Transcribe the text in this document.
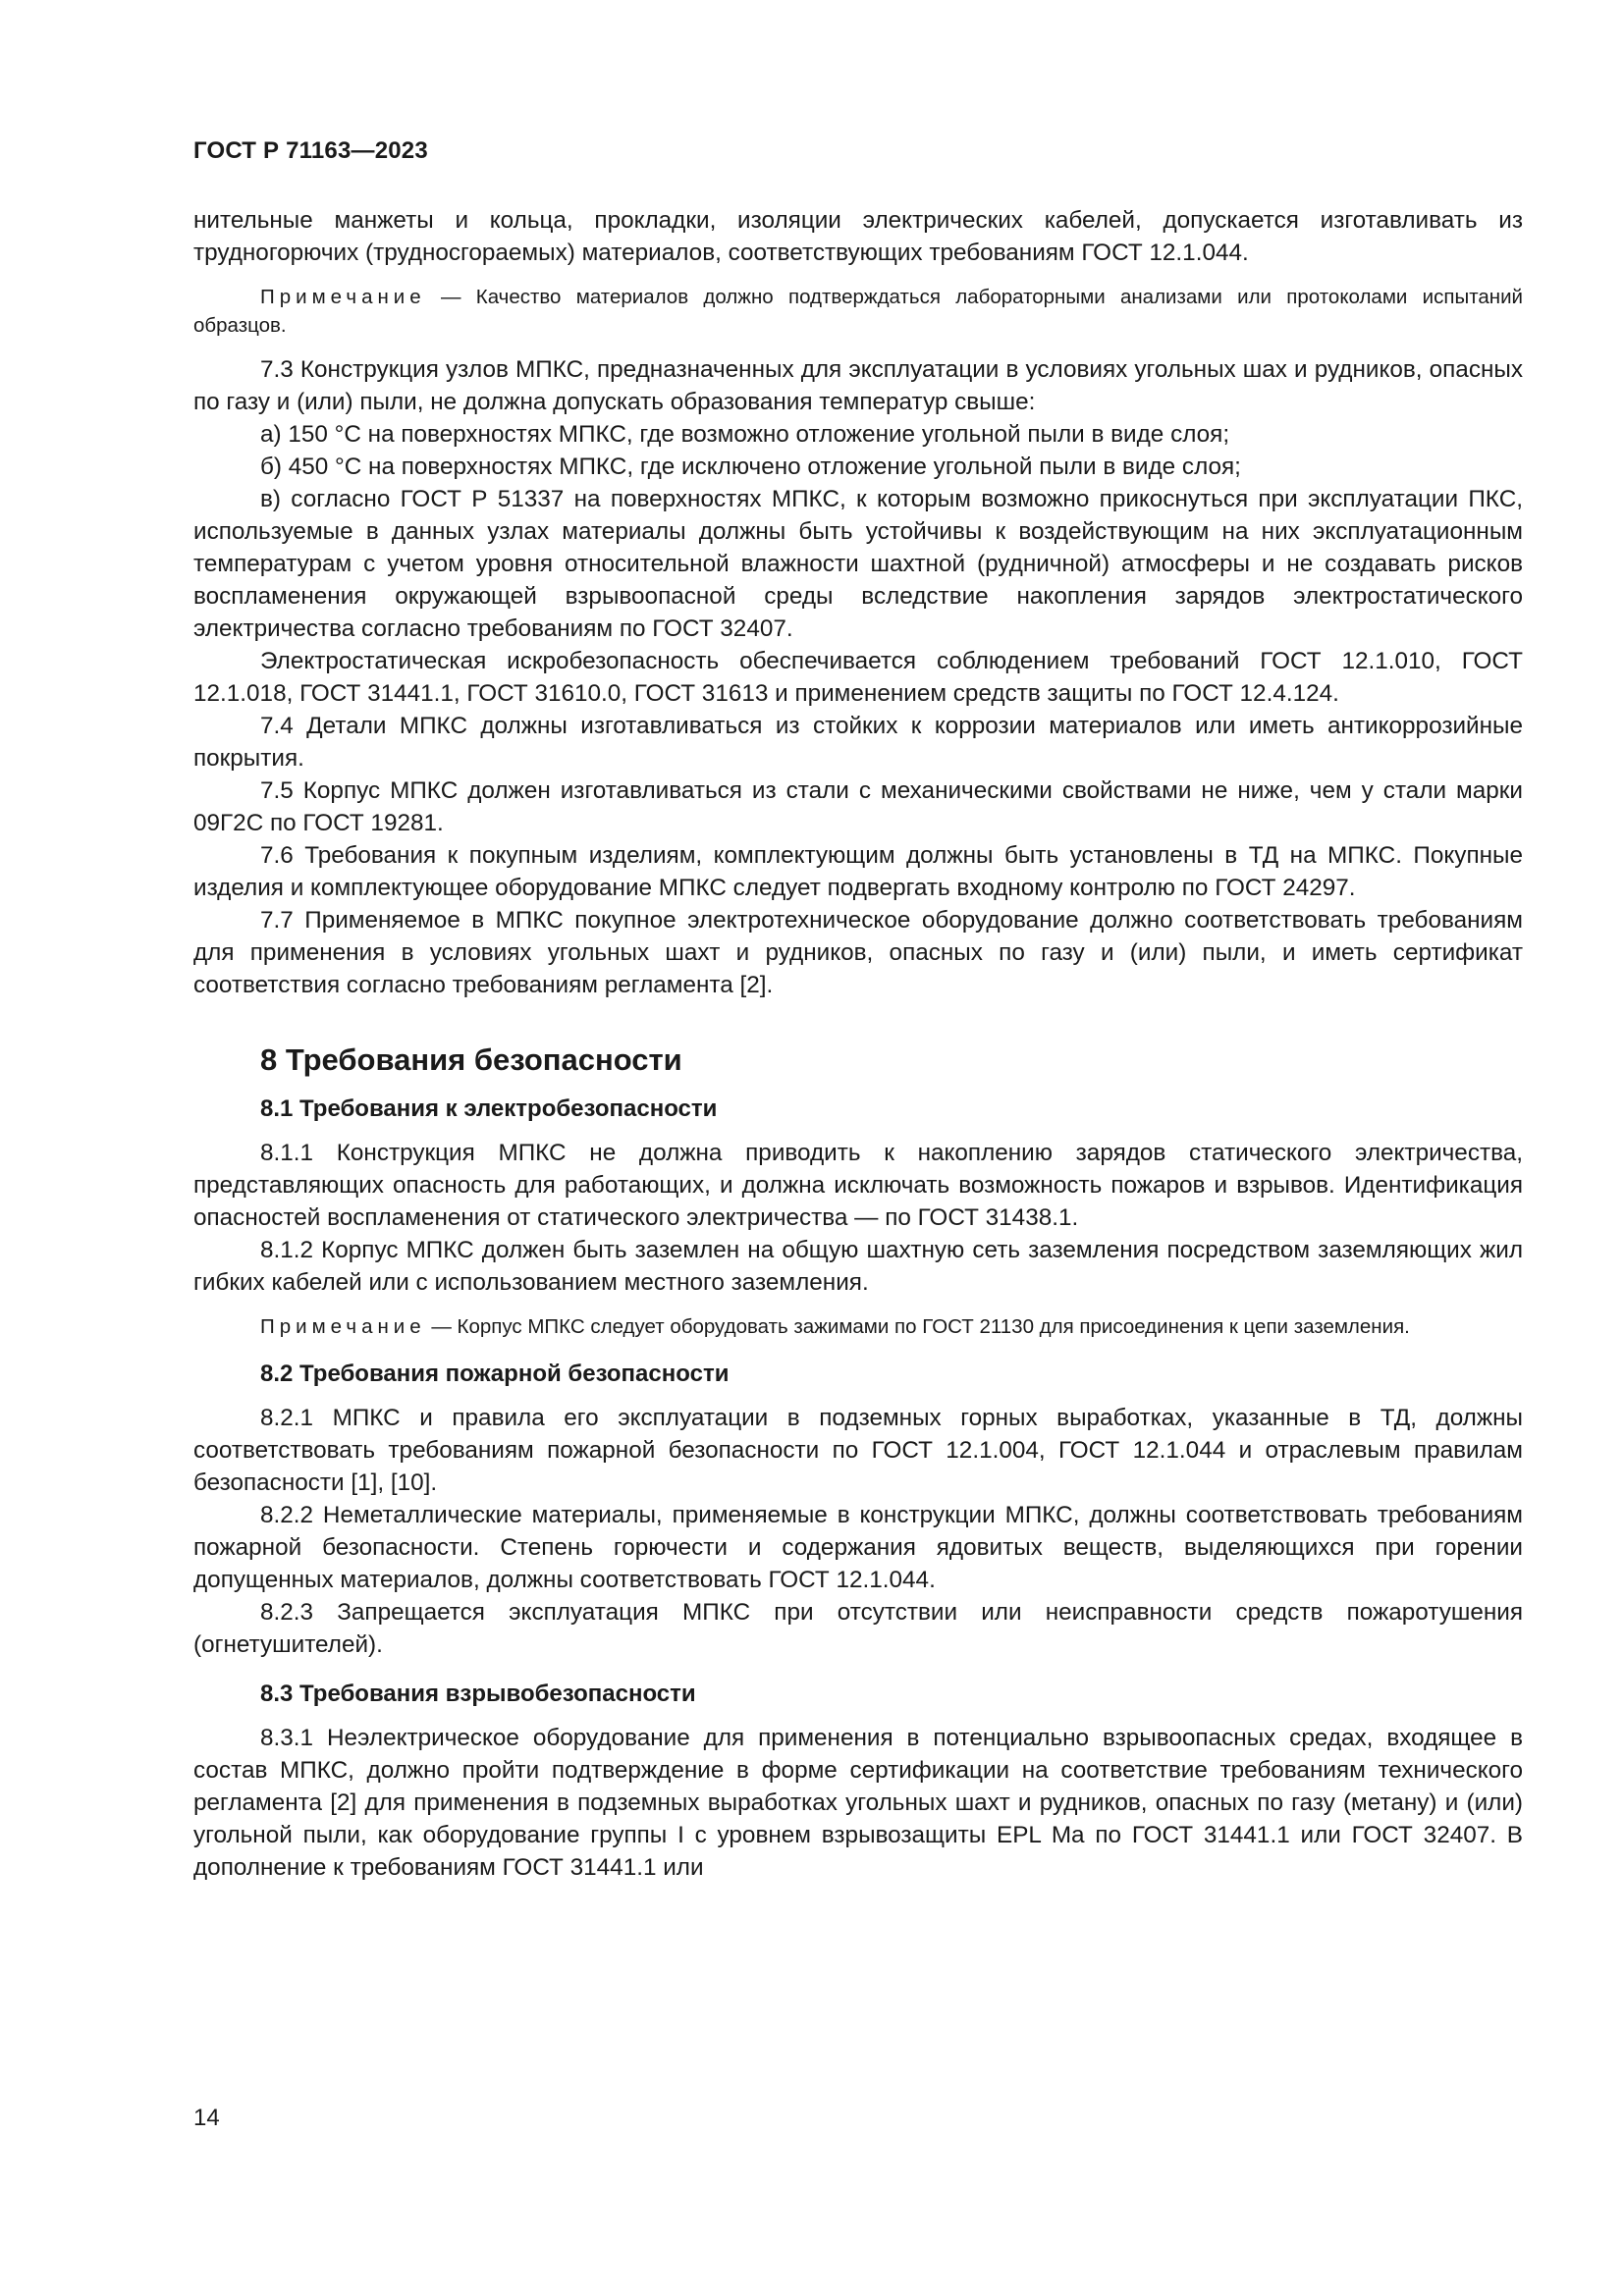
ГОСТ Р 71163—2023

нительные манжеты и кольца, прокладки, изоляции электрических кабелей, допускается изготавливать из трудногорючих (трудносгораемых) материалов, соответствующих требованиям ГОСТ 12.1.044.

Примечание — Качество материалов должно подтверждаться лабораторными анализами или протоколами испытаний образцов.

7.3 Конструкция узлов МПКС, предназначенных для эксплуатации в условиях угольных шах и рудников, опасных по газу и (или) пыли, не должна допускать образования температур свыше:

а) 150 °С на поверхностях МПКС, где возможно отложение угольной пыли в виде слоя;

б) 450 °С на поверхностях МПКС, где исключено отложение угольной пыли в виде слоя;

в) согласно ГОСТ Р 51337 на поверхностях МПКС, к которым возможно прикоснуться при эксплуатации ПКС, используемые в данных узлах материалы должны быть устойчивы к воздействующим на них эксплуатационным температурам с учетом уровня относительной влажности шахтной (рудничной) атмосферы и не создавать рисков воспламенения окружающей взрывоопасной среды вследствие накопления зарядов электростатического электричества согласно требованиям по ГОСТ 32407.

Электростатическая искробезопасность обеспечивается соблюдением требований ГОСТ 12.1.010, ГОСТ 12.1.018, ГОСТ 31441.1, ГОСТ 31610.0, ГОСТ 31613 и применением средств защиты по ГОСТ 12.4.124.

7.4 Детали МПКС должны изготавливаться из стойких к коррозии материалов или иметь антикоррозийные покрытия.

7.5 Корпус МПКС должен изготавливаться из стали с механическими свойствами не ниже, чем у стали марки 09Г2С по ГОСТ 19281.

7.6 Требования к покупным изделиям, комплектующим должны быть установлены в ТД на МПКС. Покупные изделия и комплектующее оборудование МПКС следует подвергать входному контролю по ГОСТ 24297.

7.7 Применяемое в МПКС покупное электротехническое оборудование должно соответствовать требованиям для применения в условиях угольных шахт и рудников, опасных по газу и (или) пыли, и иметь сертификат соответствия согласно требованиям регламента [2].

8 Требования безопасности
8.1 Требования к электробезопасности

8.1.1 Конструкция МПКС не должна приводить к накоплению зарядов статического электричества, представляющих опасность для работающих, и должна исключать возможность пожаров и взрывов. Идентификация опасностей воспламенения от статического электричества — по ГОСТ 31438.1.

8.1.2 Корпус МПКС должен быть заземлен на общую шахтную сеть заземления посредством заземляющих жил гибких кабелей или с использованием местного заземления.

Примечание — Корпус МПКС следует оборудовать зажимами по ГОСТ 21130 для присоединения к цепи заземления.

8.2 Требования пожарной безопасности

8.2.1 МПКС и правила его эксплуатации в подземных горных выработках, указанные в ТД, должны соответствовать требованиям пожарной безопасности по ГОСТ 12.1.004, ГОСТ 12.1.044 и отраслевым правилам безопасности [1], [10].

8.2.2 Неметаллические материалы, применяемые в конструкции МПКС, должны соответствовать требованиям пожарной безопасности. Степень горючести и содержания ядовитых веществ, выделяющихся при горении допущенных материалов, должны соответствовать ГОСТ 12.1.044.

8.2.3 Запрещается эксплуатация МПКС при отсутствии или неисправности средств пожаротушения (огнетушителей).

8.3 Требования взрывобезопасности

8.3.1 Неэлектрическое оборудование для применения в потенциально взрывоопасных средах, входящее в состав МПКС, должно пройти подтверждение в форме сертификации на соответствие требованиям технического регламента [2] для применения в подземных выработках угольных шахт и рудников, опасных по газу (метану) и (или) угольной пыли, как оборудование группы I с уровнем взрывозащиты EPL Ma по ГОСТ 31441.1 или ГОСТ 32407. В дополнение к требованиям ГОСТ 31441.1 или

14
